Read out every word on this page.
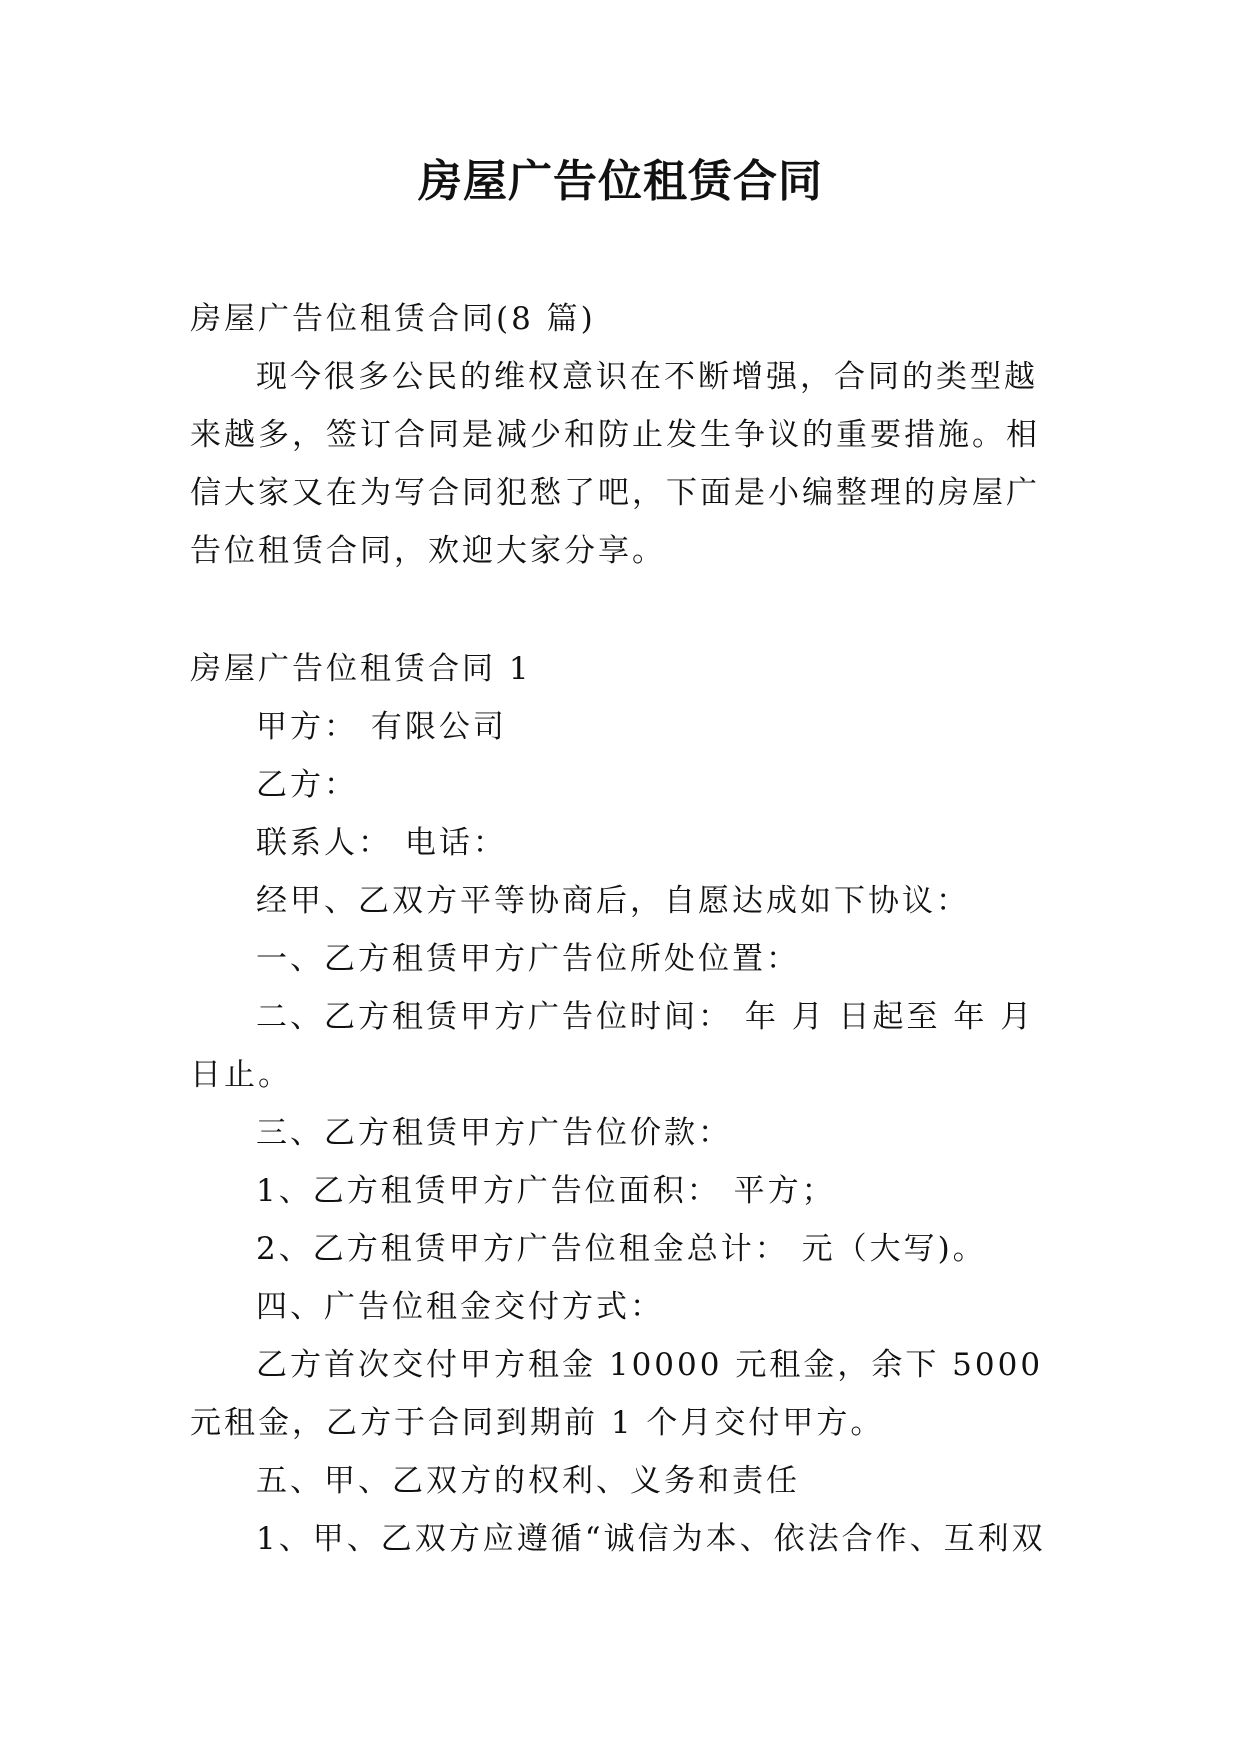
房屋广告位租赁合同

房屋广告位租赁合同(8 篇)

现今很多公民的维权意识在不断增强，合同的类型越来越多，签订合同是减少和防止发生争议的重要措施。相信大家又在为写合同犯愁了吧，下面是小编整理的房屋广告位租赁合同，欢迎大家分享。

房屋广告位租赁合同 1

甲方： 有限公司

乙方：

联系人： 电话：

经甲、乙双方平等协商后，自愿达成如下协议：

一、乙方租赁甲方广告位所处位置：

二、乙方租赁甲方广告位时间： 年 月 日起至 年 月日止。

三、乙方租赁甲方广告位价款：

1、乙方租赁甲方广告位面积： 平方；

2、乙方租赁甲方广告位租金总计： 元（大写)。

四、广告位租金交付方式：

乙方首次交付甲方租金 10000 元租金，余下 5000 元租金，乙方于合同到期前 1 个月交付甲方。

五、甲、乙双方的权利、义务和责任

1、甲、乙双方应遵循“诚信为本、依法合作、互利双
